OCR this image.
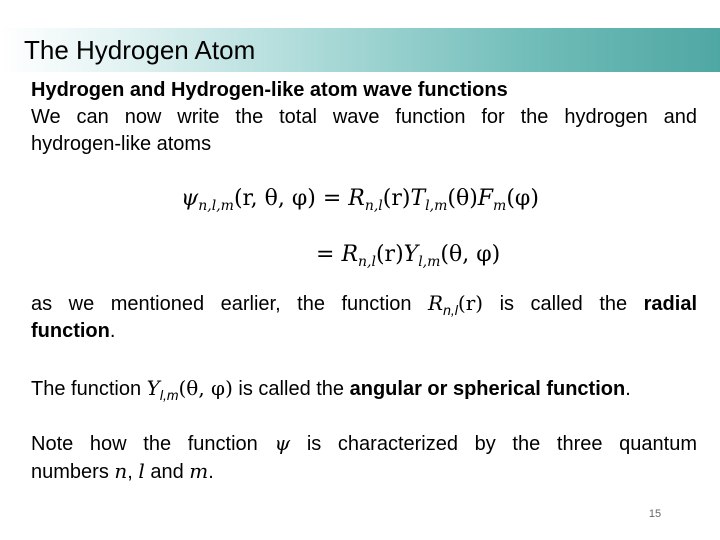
The Hydrogen Atom
Hydrogen and Hydrogen-like atom wave functions
We can now write the total wave function for the hydrogen and
hydrogen-like atoms
$\psi_{n,l,m}(r$, θ, $\varphi) = R_{n,l}(r)T_{l,m}(\theta)F_m(\varphi)$
= $R_{n,l}(r)Y_{l,m}(\theta$, φ)
as we mentioned earlier, the function $R_{n,l}(r)$ is called the radial
function.
The function $Y_{l,m}(\theta$, φ) is called the angular or spherical function.
Note how the function ψ is characterized by the three quantum
numbers n, l and m.
15
